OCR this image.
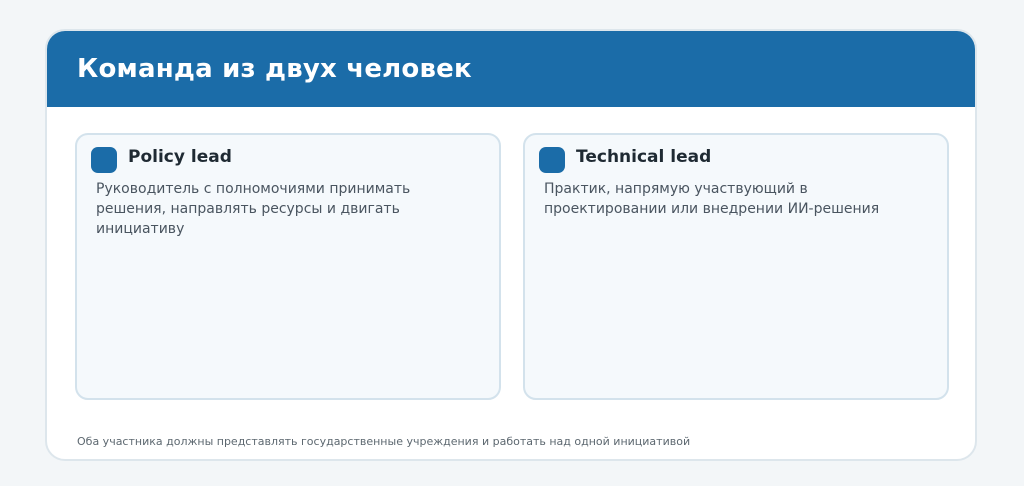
Команда из двух человек
Policy lead
Руководитель с полномочиями принимать решения, направлять ресурсы и двигать инициативу
Technical lead
Практик, напрямую участвующий в проектировании или внедрении ИИ-решения
Оба участника должны представлять государственные учреждения и работать над одной инициативой
